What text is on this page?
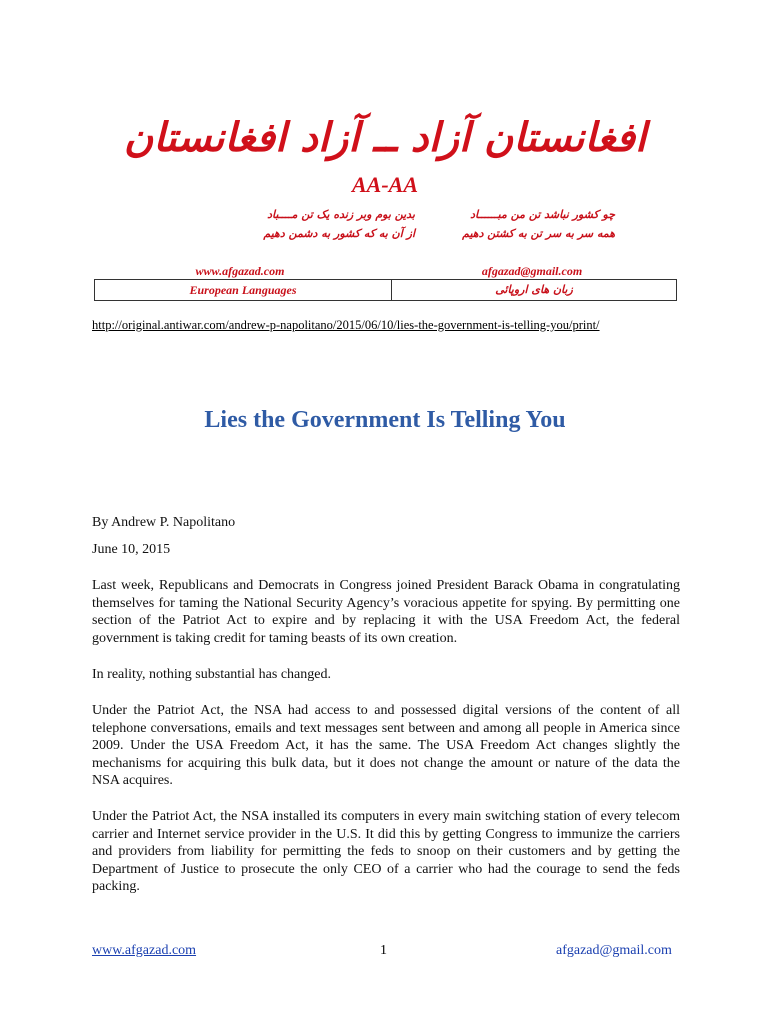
افغانستان آزاد ــ آزاد افغانستان
AA-AA
چو کشور نباشد تن من مبــــــاد
همه سر به سر تن به کشتن دهیم
بدین بوم وبر زنده یک تن مــــباد
از آن به که کشور به دشمن دهیم
www.afgazad.com	afgazad@gmail.com
European Languages	زبان های اروپائی
http://original.antiwar.com/andrew-p-napolitano/2015/06/10/lies-the-government-is-telling-you/print/
Lies the Government Is Telling You
By Andrew P. Napolitano
June 10, 2015
Last week, Republicans and Democrats in Congress joined President Barack Obama in congratulating themselves for taming the National Security Agency’s voracious appetite for spying. By permitting one section of the Patriot Act to expire and by replacing it with the USA Freedom Act, the federal government is taking credit for taming beasts of its own creation.
In reality, nothing substantial has changed.
Under the Patriot Act, the NSA had access to and possessed digital versions of the content of all telephone conversations, emails and text messages sent between and among all people in America since 2009. Under the USA Freedom Act, it has the same. The USA Freedom Act changes slightly the mechanisms for acquiring this bulk data, but it does not change the amount or nature of the data the NSA acquires.
Under the Patriot Act, the NSA installed its computers in every main switching station of every telecom carrier and Internet service provider in the U.S. It did this by getting Congress to immunize the carriers and providers from liability for permitting the feds to snoop on their customers and by getting the Department of Justice to prosecute the only CEO of a carrier who had the courage to send the feds packing.
www.afgazad.com	1	afgazad@gmail.com
